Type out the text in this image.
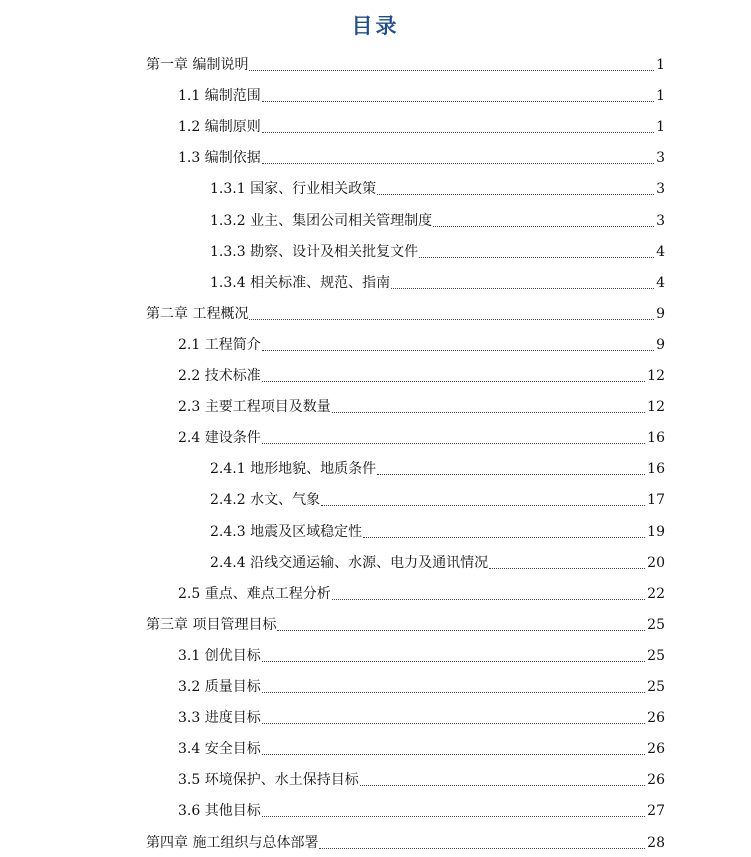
目录
第一章 编制说明	1
1.1 编制范围	1
1.2 编制原则	1
1.3 编制依据	3
1.3.1 国家、行业相关政策	3
1.3.2 业主、集团公司相关管理制度	3
1.3.3 勘察、设计及相关批复文件	4
1.3.4 相关标准、规范、指南	4
第二章 工程概况	9
2.1 工程简介	9
2.2 技术标准	12
2.3 主要工程项目及数量	12
2.4 建设条件	16
2.4.1 地形地貌、地质条件	16
2.4.2 水文、气象	17
2.4.3 地震及区域稳定性	19
2.4.4 沿线交通运输、水源、电力及通讯情况	20
2.5 重点、难点工程分析	22
第三章 项目管理目标	25
3.1 创优目标	25
3.2 质量目标	25
3.3 进度目标	26
3.4 安全目标	26
3.5 环境保护、水土保持目标	26
3.6 其他目标	27
第四章 施工组织与总体部署	28
